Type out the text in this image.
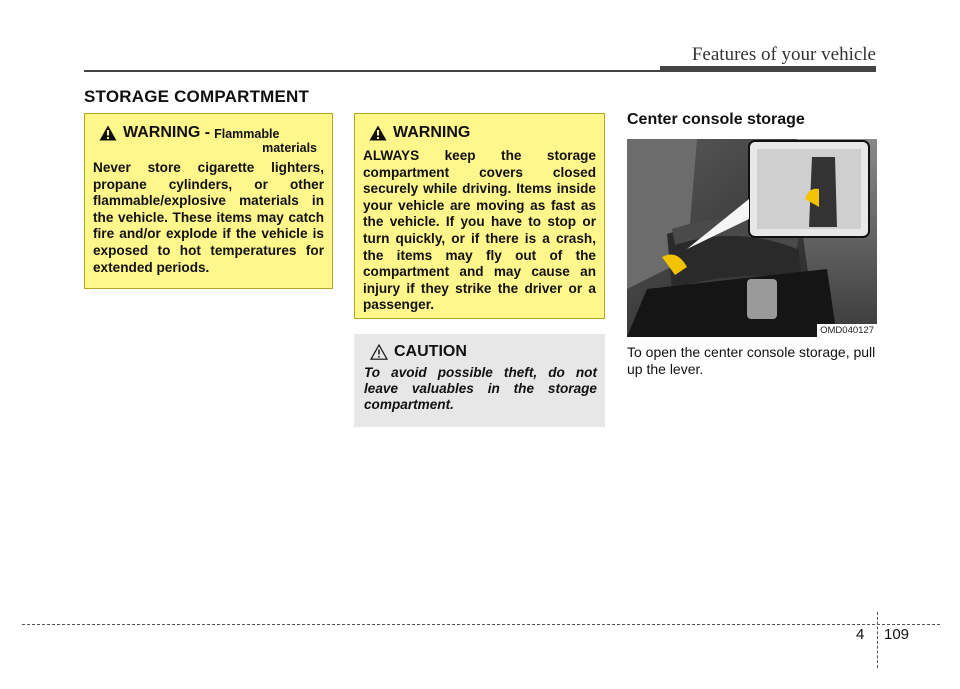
Features of your vehicle
STORAGE COMPARTMENT
WARNING - Flammable
materials
Never store cigarette lighters, propane cylinders, or other flammable/explosive materials in the vehicle. These items may catch fire and/or explode if the vehicle is exposed to hot temperatures for extended periods.
WARNING
ALWAYS keep the storage compartment covers closed securely while driving. Items inside your vehicle are moving as fast as the vehicle. If you have to stop or turn quickly, or if there is a crash, the items may fly out of the compartment and may cause an injury if they strike the driver or a passenger.
CAUTION
To avoid possible theft, do not leave valuables in the storage compartment.
Center console storage
OMD040127
To open the center console storage, pull up the lever.
4 109
